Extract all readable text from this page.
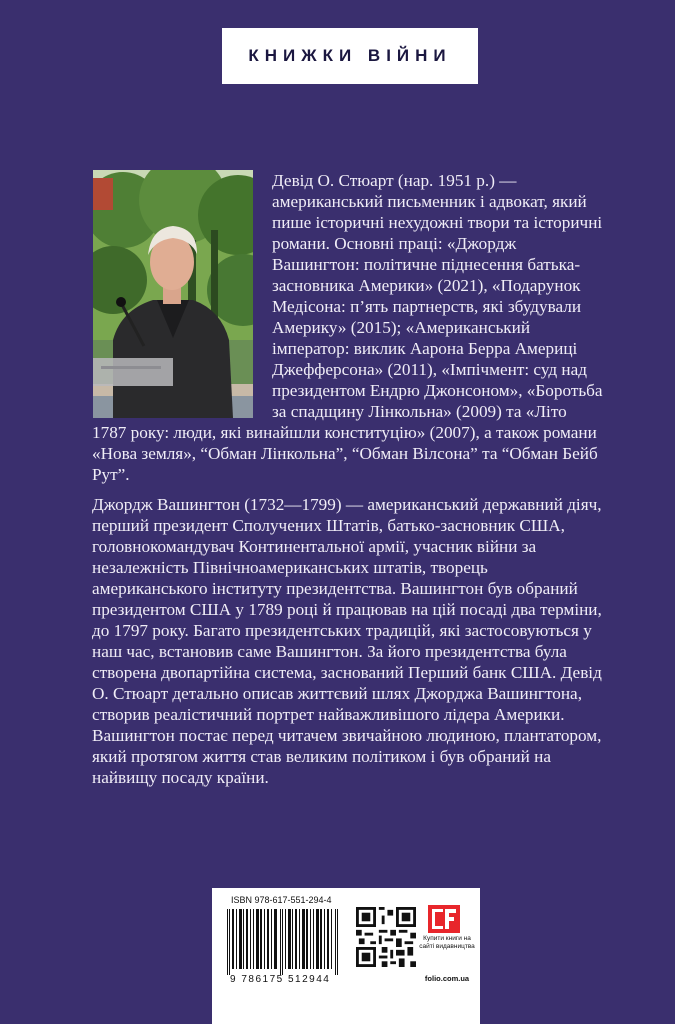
КНИЖКИ ВІЙНИ
Девід О. Стюарт (нар. 1951 р.) — американський письменник і адвокат, який пише історичні нехудожні твори та історичні романи. Основні праці: «Джордж Вашингтон: політичне піднесення батька-засновника Америки» (2021), «Подарунок Медісона: п’ять партнерств, які збудували Америку» (2015); «Американський імператор: виклик Аарона Берра Америці Джефферсона» (2011), «Імпічмент: суд над президентом Ендрю Джонсоном», «Боротьба за спадщину Лінкольна» (2009) та «Літо 1787 року: люди, які винайшли конституцію» (2007), а також романи «Нова земля», “Обман Лінкольна”, “Обман Вілсона” та “Обман Бейб Рут”.
Джордж Вашингтон (1732—1799) — американський державний діяч, перший президент Сполучених Штатів, батько-засновник США, головнокомандувач Континентальної армії, учасник війни за незалежність Північноамериканських штатів, творець американського інституту президентства. Вашингтон був обраний президентом США у 1789 році й працював на цій посаді два терміни, до 1797 року. Багато президентських традицій, які застосовуються у наш час, встановив саме Вашингтон. За його президентства була створена двопартійна система, заснований Перший банк США. Девід О. Стюарт детально описав життєвий шлях Джорджа Вашингтона, створив реалістичний портрет найважливішого лідера Америки. Вашингтон постає перед читачем звичайною людиною, плантатором, який протягом життя став великим політиком і був обраний на найвищу посаду країни.
ISBN 978-617-551-294-4
9 786175 512944
Купити книги на сайті видавництва
folio.com.ua
